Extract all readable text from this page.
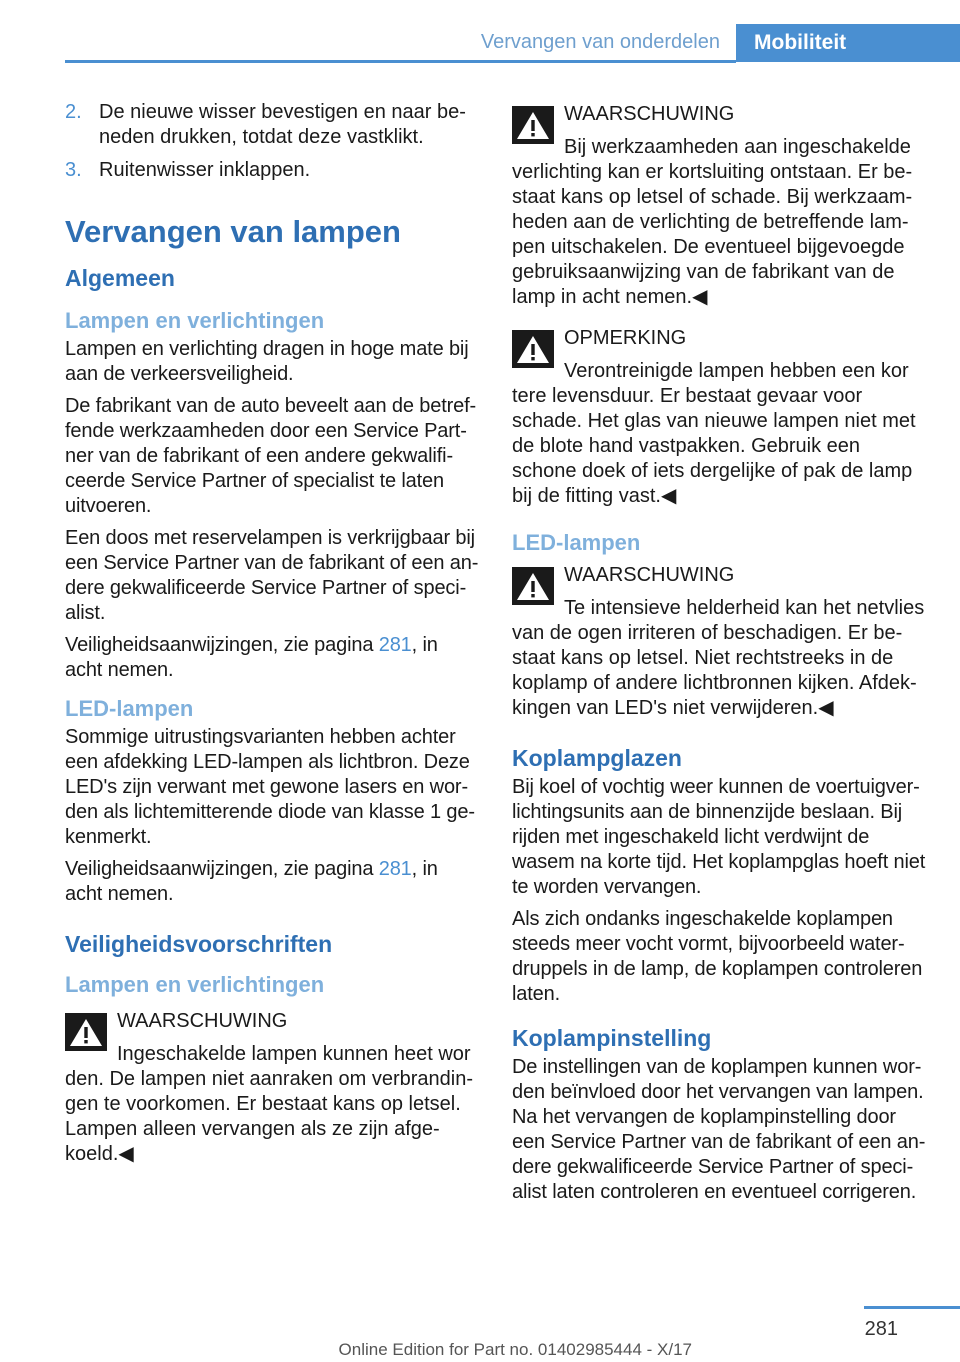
Vervangen van onderdelen	Mobiliteit
2. De nieuwe wisser bevestigen en naar beneden drukken, totdat deze vastklikt.
3. Ruitenwisser inklappen.
Vervangen van lampen
Algemeen
Lampen en verlichtingen

Lampen en verlichting dragen in hoge mate bij aan de verkeersveiligheid.

De fabrikant van de auto beveelt aan de betreffende werkzaamheden door een Service Partner van de fabrikant of een andere gekwalificeerde Service Partner of specialist te laten uitvoeren.

Een doos met reservelampen is verkrijgbaar bij een Service Partner van de fabrikant of een andere gekwalificeerde Service Partner of specialist.

Veiligheidsaanwijzingen, zie pagina 281, in acht nemen.

LED-lampen

Sommige uitrustingsvarianten hebben achter een afdekking LED-lampen als lichtbron. Deze LED's zijn verwant met gewone lasers en worden als lichtemitterende diode van klasse 1 gekenmerkt.

Veiligheidsaanwijzingen, zie pagina 281, in acht nemen.

Veiligheidsvoorschriften
Lampen en verlichtingen
WAARSCHUWING
Ingeschakelde lampen kunnen heet wor
den. De lampen niet aanraken om verbrandingen te voorkomen. Er bestaat kans op letsel. Lampen alleen vervangen als ze zijn afgekoeld.◀
WAARSCHUWING
Bij werkzaamheden aan ingeschakelde
verlichting kan er kortsluiting ontstaan. Er bestaat kans op letsel of schade. Bij werkzaamheden aan de verlichting de betreffende lampen uitschakelen. De eventueel bijgevoegde gebruiksaanwijzing van de fabrikant van de lamp in acht nemen.◀
OPMERKING
Verontreinigde lampen hebben een kor
tere levensduur. Er bestaat gevaar voor schade. Het glas van nieuwe lampen niet met de blote hand vastpakken. Gebruik een schone doek of iets dergelijke of pak de lamp bij de fitting vast.◀
LED-lampen
WAARSCHUWING
Te intensieve helderheid kan het netvlies
van de ogen irriteren of beschadigen. Er bestaat kans op letsel. Niet rechtstreeks in de koplamp of andere lichtbronnen kijken. Afdekkingen van LED's niet verwijderen.◀
Koplampglazen

Bij koel of vochtig weer kunnen de voertuigverlichtingsunits aan de binnenzijde beslaan. Bij rijden met ingeschakeld licht verdwijnt de wasem na korte tijd. Het koplampglas hoeft niet te worden vervangen.

Als zich ondanks ingeschakelde koplampen steeds meer vocht vormt, bijvoorbeeld waterdruppels in de lamp, de koplampen controleren laten.

Koplampinstelling

De instellingen van de koplampen kunnen worden beïnvloed door het vervangen van lampen. Na het vervangen de koplampinstelling door een Service Partner van de fabrikant of een andere gekwalificeerde Service Partner of specialist laten controleren en eventueel corrigeren.

281
Online Edition for Part no. 01402985444 - X/17
